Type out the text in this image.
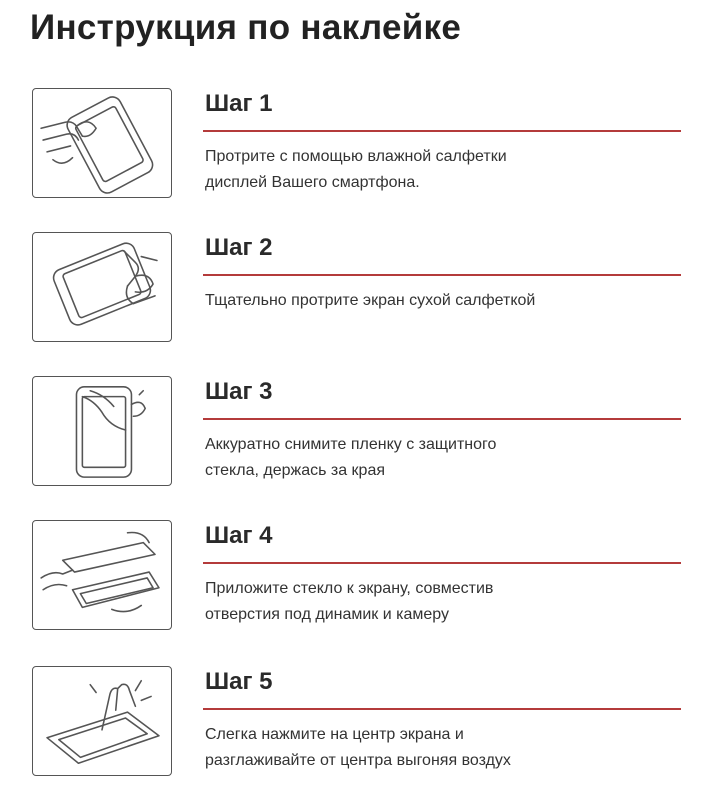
Инструкция по наклейке
Шаг 1
Протрите с помощью влажной салфетки
дисплей Вашего смартфона.
Шаг 2
Тщательно протрите экран сухой салфеткой
Шаг 3
Аккуратно снимите пленку с защитного
стекла, держась за края
Шаг 4
Приложите стекло к экрану, совместив
отверстия под динамик и камеру
Шаг 5
Слегка нажмите на центр экрана и
разглаживайте от центра выгоняя воздух
